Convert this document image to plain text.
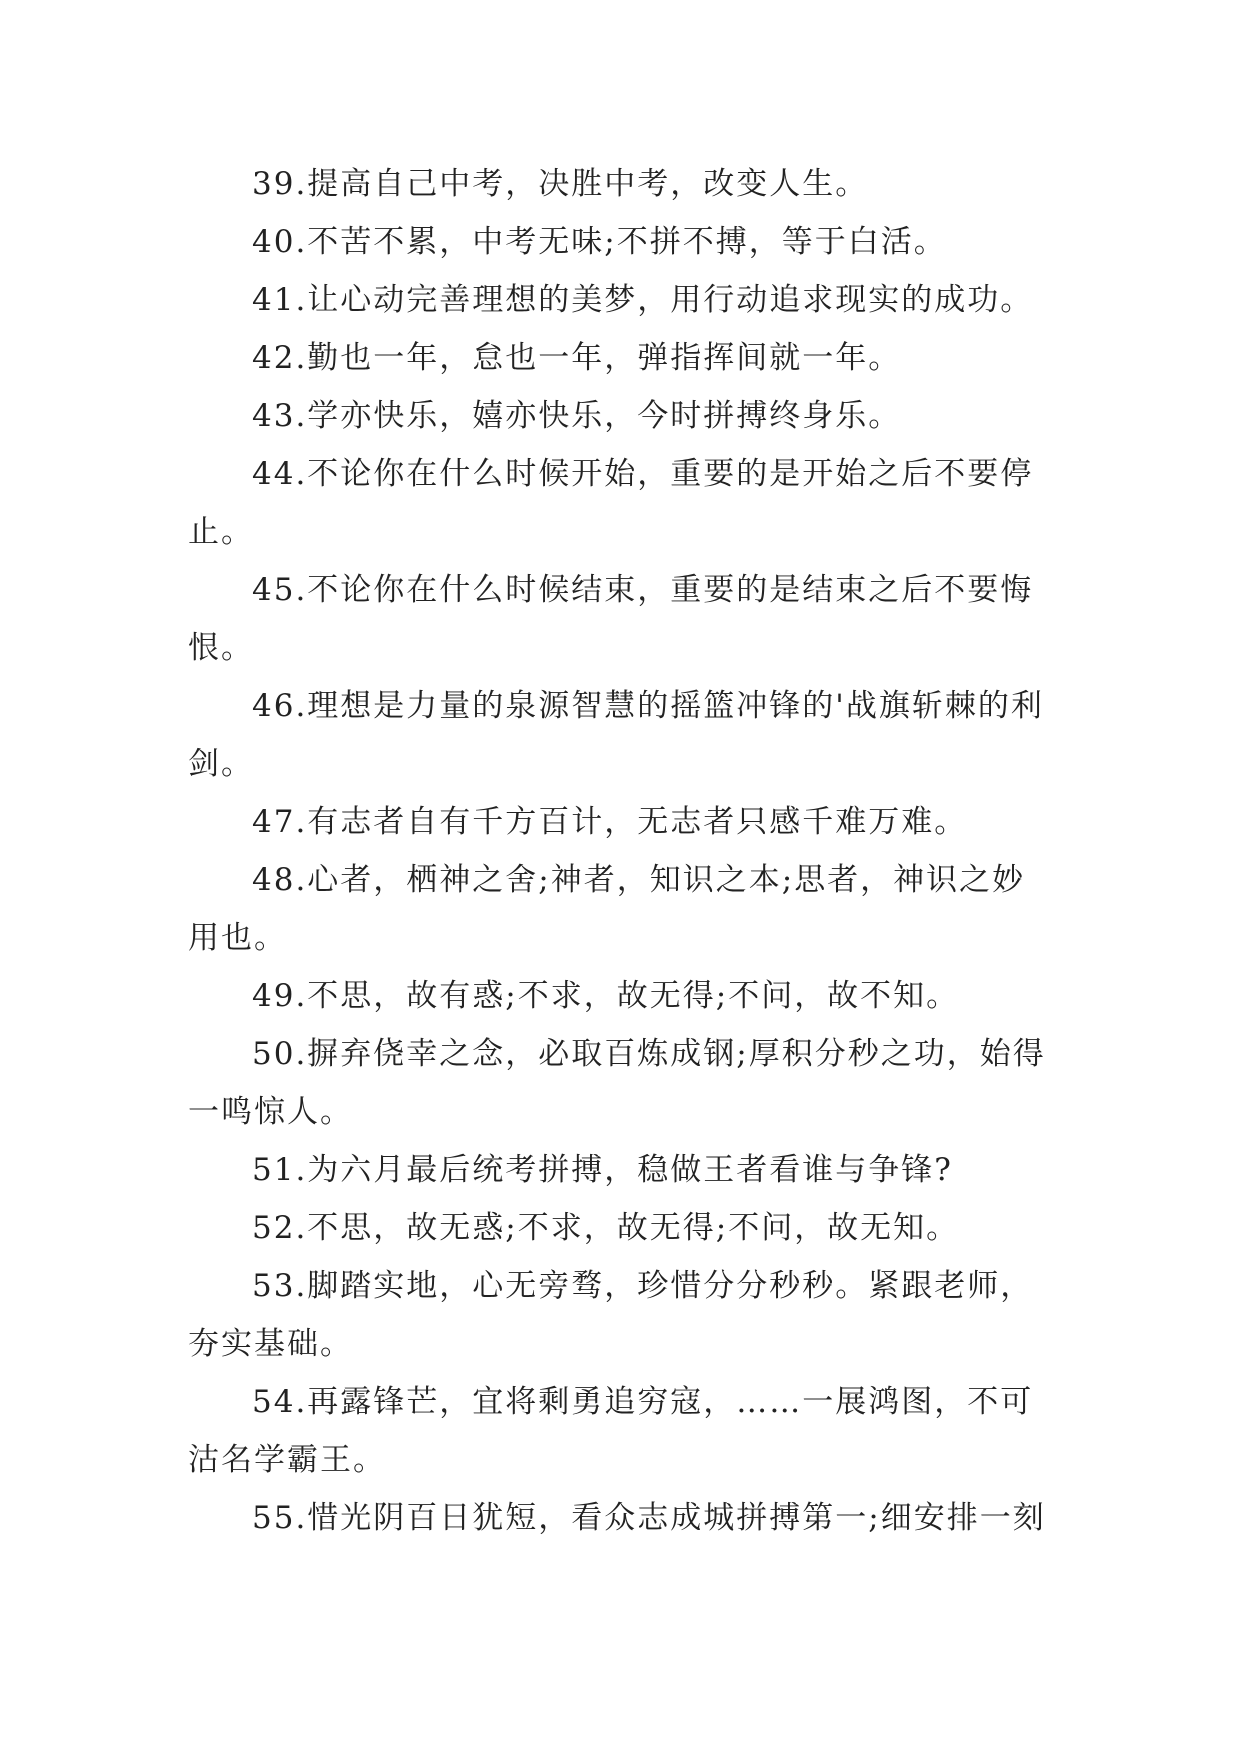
39.提高自己中考，决胜中考，改变人生。

40.不苦不累，中考无味;不拼不搏，等于白活。

41.让心动完善理想的美梦，用行动追求现实的成功。

42.勤也一年，怠也一年，弹指挥间就一年。

43.学亦快乐，嬉亦快乐，今时拼搏终身乐。

44.不论你在什么时候开始，重要的是开始之后不要停止。

45.不论你在什么时候结束，重要的是结束之后不要悔恨。

46.理想是力量的泉源智慧的摇篮冲锋的'战旗斩棘的利剑。

47.有志者自有千方百计，无志者只感千难万难。

48.心者，栖神之舍;神者，知识之本;思者，神识之妙用也。

49.不思，故有惑;不求，故无得;不问，故不知。

50.摒弃侥幸之念，必取百炼成钢;厚积分秒之功，始得一鸣惊人。

51.为六月最后统考拼搏，稳做王者看谁与争锋?

52.不思，故无惑;不求，故无得;不问，故无知。

53.脚踏实地，心无旁骛，珍惜分分秒秒。紧跟老师，夯实基础。

54.再露锋芒，宜将剩勇追穷寇，……一展鸿图，不可沽名学霸王。

55.惜光阴百日犹短，看众志成城拼搏第一;细安排一刻
